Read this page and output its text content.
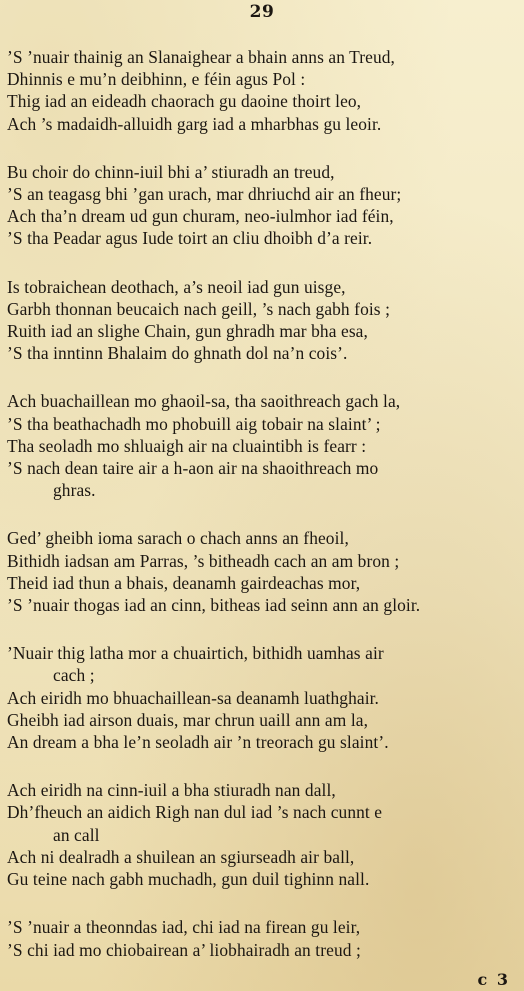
29
’S ’nuair thainig an Slanaighear a bhain anns an Treud,
Dhinnis e mu’n deibhinn, e féin agus Pol :
Thig iad an eideadh chaorach gu daoine thoirt leo,
Ach ’s madaidh-alluidh garg iad a mharbhas gu leoir.
Bu choir do chinn-iuil bhi a’ stiuradh an treud,
’S an teagasg bhi ’gan urach, mar dhriuchd air an fheur;
Ach tha’n dream ud gun churam, neo-iulmhor iad féin,
’S tha Peadar agus Iude toirt an cliu dhoibh d’a reir.
Is tobraichean deothach, a’s neoil iad gun uisge,
Garbh thonnan beucaich nach geill, ’s nach gabh fois ;
Ruith iad an slighe Chain, gun ghradh mar bha esa,
’S tha inntinn Bhalaim do ghnath dol na’n cois’.
Ach buachaillean mo ghaoil-sa, tha saoithreach gach la,
’S tha beathachadh mo phobuill aig tobair na slaint’ ;
Tha seoladh mo shluaigh air na cluaintibh is fearr :
’S nach dean taire air a h-aon air na shaoithreach mo
ghras.
Ged’ gheibh ioma sarach o chach anns an fheoil,
Bithidh iadsan am Parras, ’s bitheadh cach an am bron ;
Theid iad thun a bhais, deanamh gairdeachas mor,
’S ’nuair thogas iad an cinn, bitheas iad seinn ann an gloir.
’Nuair thig latha mor a chuairtich, bithidh uamhas air
cach ;
Ach eiridh mo bhuachaillean-sa deanamh luathghair.
Gheibh iad airson duais, mar chrun uaill ann am la,
An dream a bha le’n seoladh air ’n treorach gu slaint’.
Ach eiridh na cinn-iuil a bha stiuradh nan dall,
Dh’fheuch an aidich Righ nan dul iad ’s nach cunnt e
an call
Ach ni dealradh a shuilean an sgiurseadh air ball,
Gu teine nach gabh muchadh, gun duil tighinn nall.
’S ’nuair a theonndas iad, chi iad na firean gu leir,
’S chi iad mo chiobairean a’ liobhairadh an treud ;
c 3
